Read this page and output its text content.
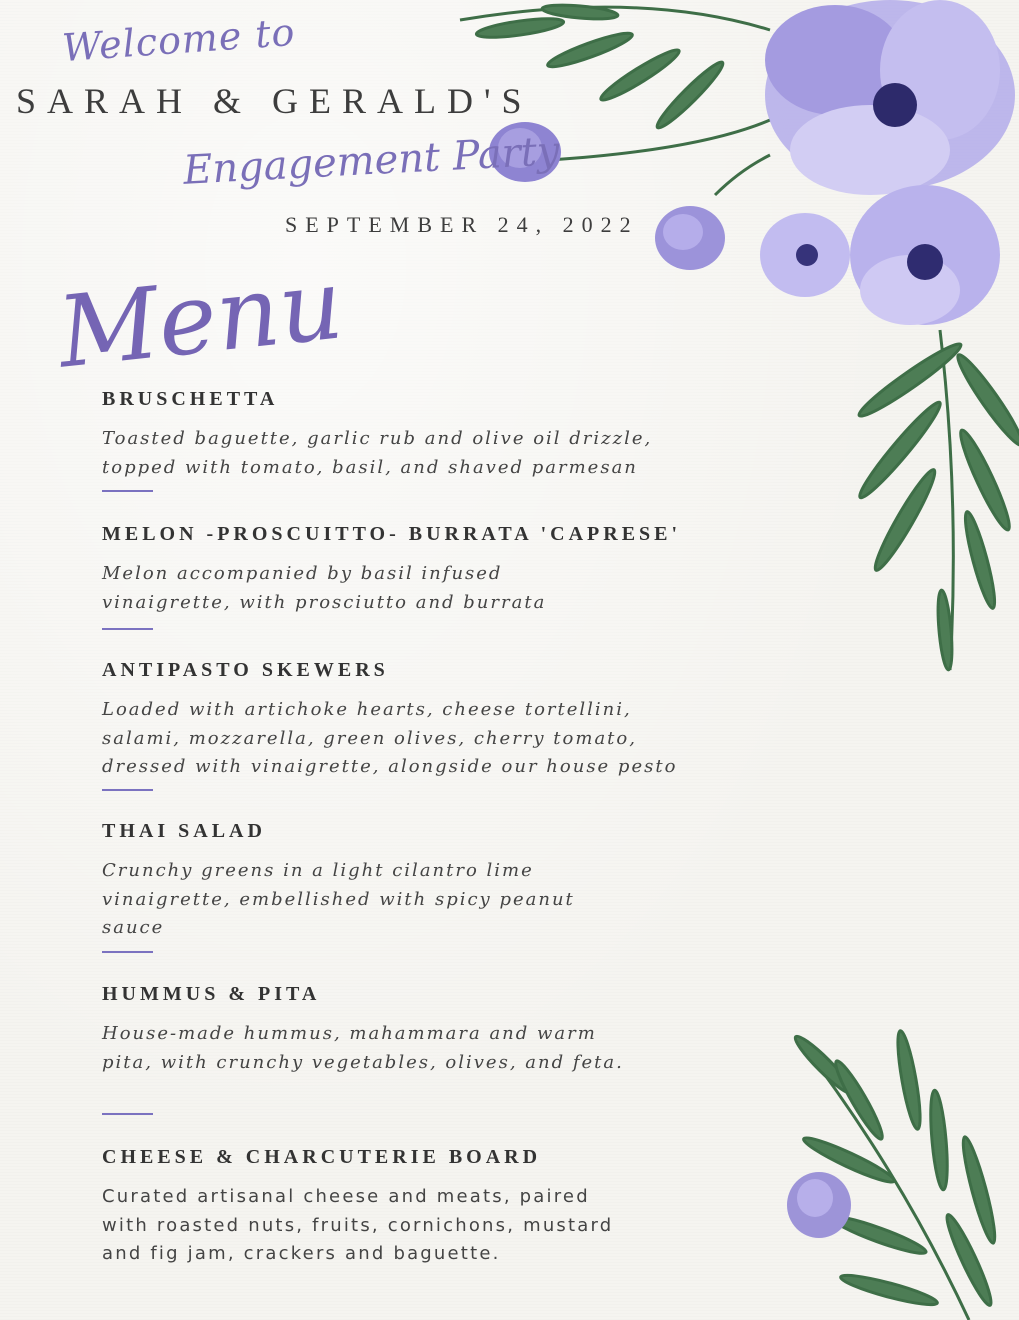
Welcome to
SARAH & GERALD'S
Engagement Party
SEPTEMBER 24, 2022
Menu
BRUSCHETTA
Toasted baguette, garlic rub and olive oil drizzle,
topped with tomato, basil, and shaved parmesan
MELON -PROSCUITTO- BURRATA 'CAPRESE'
Melon accompanied by basil infused
vinaigrette, with prosciutto and burrata
ANTIPASTO SKEWERS
Loaded with artichoke hearts, cheese tortellini,
salami, mozzarella, green olives, cherry tomato,
dressed with vinaigrette, alongside our house pesto
THAI SALAD
Crunchy greens in a light cilantro lime
vinaigrette, embellished with spicy peanut
sauce
HUMMUS & PITA
House-made hummus, mahammara and warm
pita, with crunchy vegetables, olives, and feta.
CHEESE & CHARCUTERIE BOARD
Curated artisanal cheese and meats, paired
with roasted nuts, fruits, cornichons, mustard
and fig jam, crackers and baguette.
